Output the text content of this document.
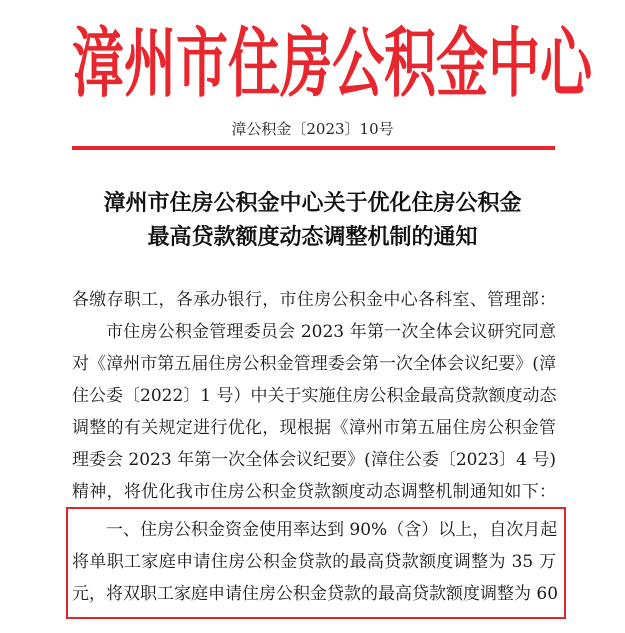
漳 州 市 住 房 公 积 金 中 心
漳公积金〔2023〕10号
漳州市住房公积金中心关于优化住房公积金
最高贷款额度动态调整机制的通知
各缴存职工，各承办银行，市住房公积金中心各科室、管理部：
市住房公积金管理委员会 2023 年第一次全体会议研究同意
对《漳州市第五届住房公积金管理委会第一次全体会议纪要》(漳
住公委〔2022〕1 号）中关于实施住房公积金最高贷款额度动态
调整的有关规定进行优化，现根据《漳州市第五届住房公积金管
理委会 2023 年第一次全体会议纪要》(漳住公委〔2023〕4 号)
精神，将优化我市住房公积金贷款额度动态调整机制通知如下：
一、住房公积金资金使用率达到 90%（含）以上，自次月起
将单职工家庭申请住房公积金贷款的最高贷款额度调整为 35 万
元，将双职工家庭申请住房公积金贷款的最高贷款额度调整为 60
